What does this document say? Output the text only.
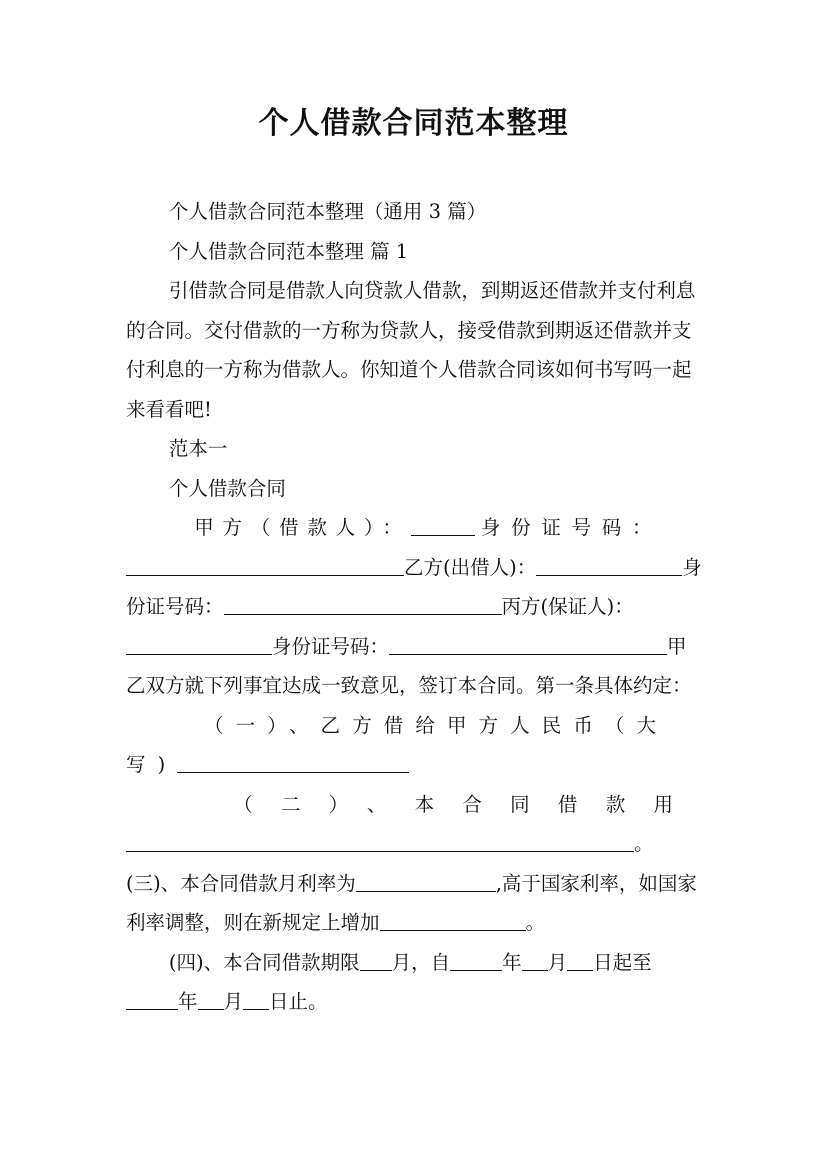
个人借款合同范本整理

个人借款合同范本整理（通用 3 篇）

个人借款合同范本整理 篇 1

引借款合同是借款人向贷款人借款，到期返还借款并支付利息的合同。交付借款的一方称为贷款人，接受借款到期返还借款并支付利息的一方称为借款人。你知道个人借款合同该如何书写吗一起来看看吧!

范本一

个人借款合同

甲方（借款人）：	身份证号码：乙方(出借人)：	身份证号码：	丙方(保证人)：身份证号码：	甲乙双方就下列事宜达成一致意见，签订本合同。第一条具体约定：

（一）、乙方借给甲方人民币（大写)

（二）、本合同借款用。(三)、本合同借款月利率为	,高于国家利率，如国家利率调整，则在新规定上增加	。

(四)、本合同借款期限 月，自	年 月 日起至年 月 日止。
